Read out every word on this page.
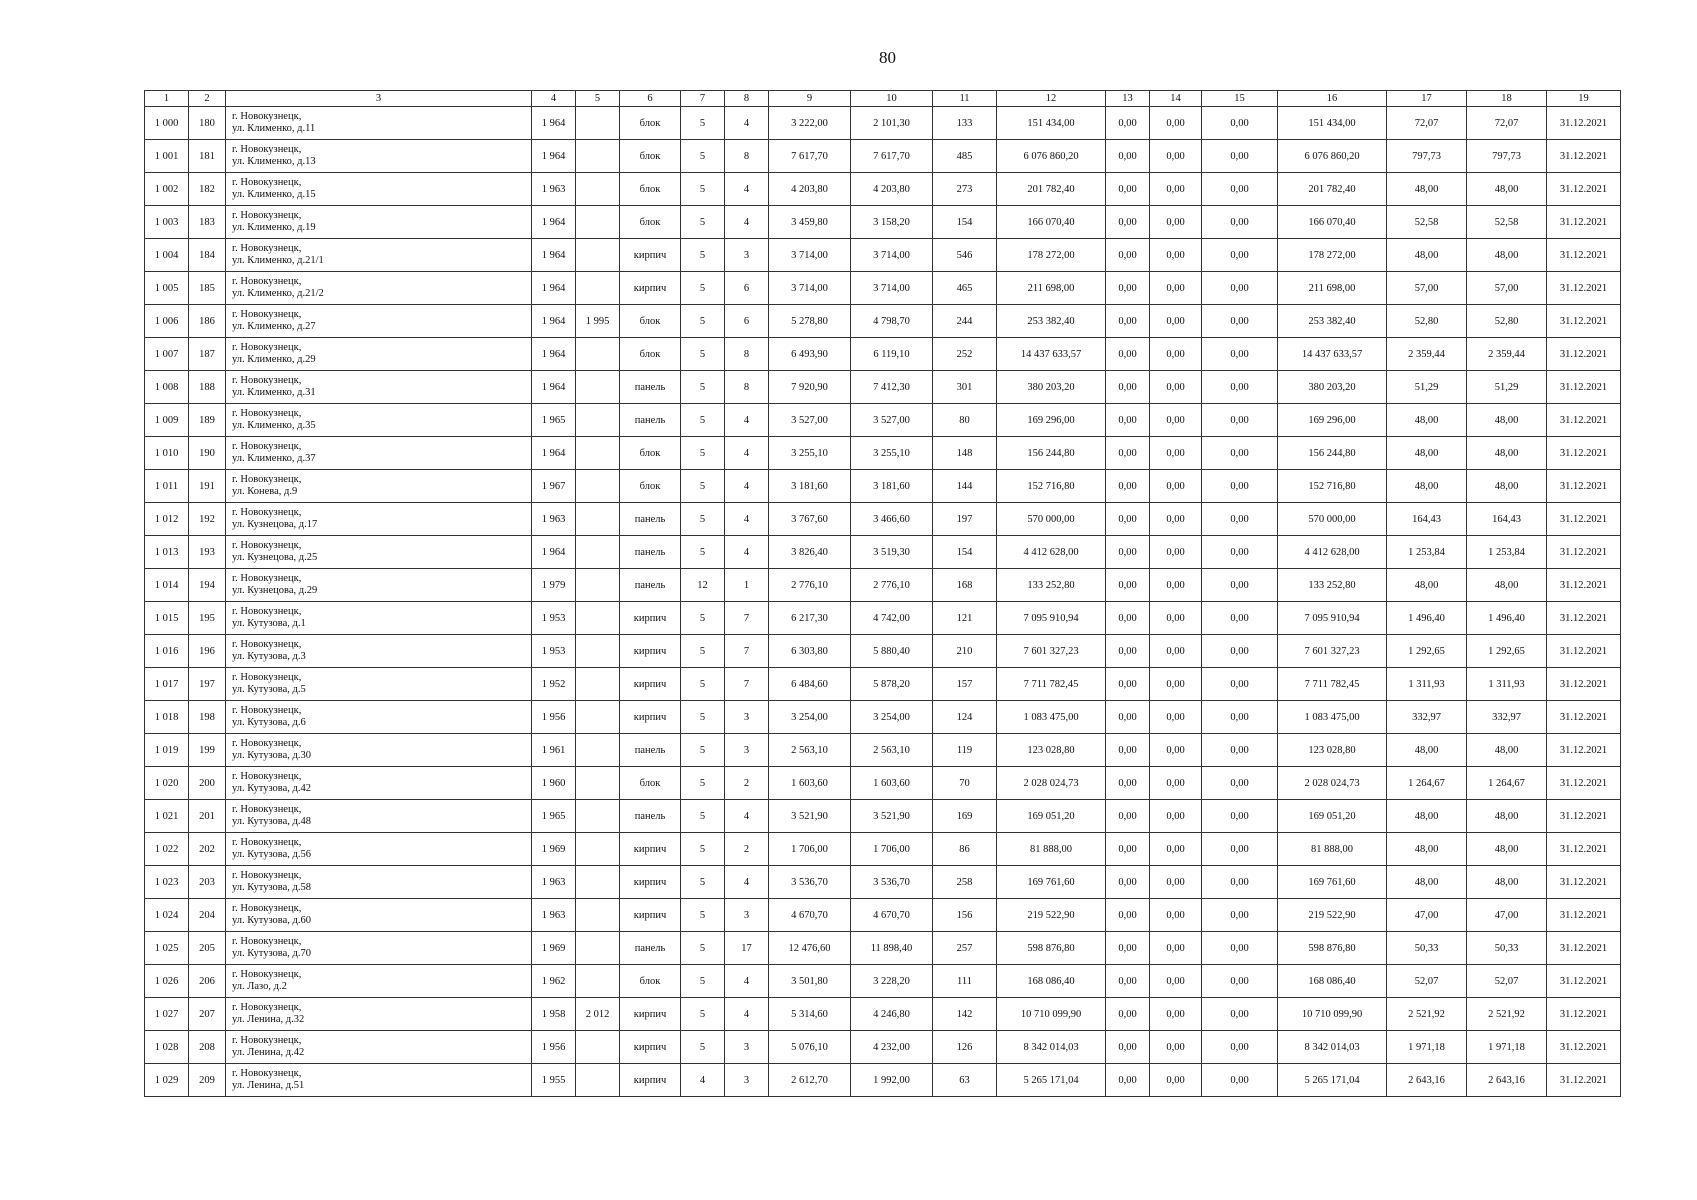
80
1	2	3	4	5	6	7	8	9	10	11	12	13	14	15	16	17	18	19
1 000	180	г. Новокузнецк,
ул. Клименко, д.11	1 964		блок	5	4	3 222,00	2 101,30	133	151 434,00	0,00	0,00	0,00	151 434,00	72,07	72,07	31.12.2021
1 001	181	г. Новокузнецк,
ул. Клименко, д.13	1 964		блок	5	8	7 617,70	7 617,70	485	6 076 860,20	0,00	0,00	0,00	6 076 860,20	797,73	797,73	31.12.2021
1 002	182	г. Новокузнецк,
ул. Клименко, д.15	1 963		блок	5	4	4 203,80	4 203,80	273	201 782,40	0,00	0,00	0,00	201 782,40	48,00	48,00	31.12.2021
1 003	183	г. Новокузнецк,
ул. Клименко, д.19	1 964		блок	5	4	3 459,80	3 158,20	154	166 070,40	0,00	0,00	0,00	166 070,40	52,58	52,58	31.12.2021
1 004	184	г. Новокузнецк,
ул. Клименко, д.21/1	1 964		кирпич	5	3	3 714,00	3 714,00	546	178 272,00	0,00	0,00	0,00	178 272,00	48,00	48,00	31.12.2021
1 005	185	г. Новокузнецк,
ул. Клименко, д.21/2	1 964		кирпич	5	6	3 714,00	3 714,00	465	211 698,00	0,00	0,00	0,00	211 698,00	57,00	57,00	31.12.2021
1 006	186	г. Новокузнецк,
ул. Клименко, д.27	1 964	1 995	блок	5	6	5 278,80	4 798,70	244	253 382,40	0,00	0,00	0,00	253 382,40	52,80	52,80	31.12.2021
1 007	187	г. Новокузнецк,
ул. Клименко, д.29	1 964		блок	5	8	6 493,90	6 119,10	252	14 437 633,57	0,00	0,00	0,00	14 437 633,57	2 359,44	2 359,44	31.12.2021
1 008	188	г. Новокузнецк,
ул. Клименко, д.31	1 964		панель	5	8	7 920,90	7 412,30	301	380 203,20	0,00	0,00	0,00	380 203,20	51,29	51,29	31.12.2021
1 009	189	г. Новокузнецк,
ул. Клименко, д.35	1 965		панель	5	4	3 527,00	3 527,00	80	169 296,00	0,00	0,00	0,00	169 296,00	48,00	48,00	31.12.2021
1 010	190	г. Новокузнецк,
ул. Клименко, д.37	1 964		блок	5	4	3 255,10	3 255,10	148	156 244,80	0,00	0,00	0,00	156 244,80	48,00	48,00	31.12.2021
1 011	191	г. Новокузнецк,
ул. Конева, д.9	1 967		блок	5	4	3 181,60	3 181,60	144	152 716,80	0,00	0,00	0,00	152 716,80	48,00	48,00	31.12.2021
1 012	192	г. Новокузнецк,
ул. Кузнецова, д.17	1 963		панель	5	4	3 767,60	3 466,60	197	570 000,00	0,00	0,00	0,00	570 000,00	164,43	164,43	31.12.2021
1 013	193	г. Новокузнецк,
ул. Кузнецова, д.25	1 964		панель	5	4	3 826,40	3 519,30	154	4 412 628,00	0,00	0,00	0,00	4 412 628,00	1 253,84	1 253,84	31.12.2021
1 014	194	г. Новокузнецк,
ул. Кузнецова, д.29	1 979		панель	12	1	2 776,10	2 776,10	168	133 252,80	0,00	0,00	0,00	133 252,80	48,00	48,00	31.12.2021
1 015	195	г. Новокузнецк,
ул. Кутузова, д.1	1 953		кирпич	5	7	6 217,30	4 742,00	121	7 095 910,94	0,00	0,00	0,00	7 095 910,94	1 496,40	1 496,40	31.12.2021
1 016	196	г. Новокузнецк,
ул. Кутузова, д.3	1 953		кирпич	5	7	6 303,80	5 880,40	210	7 601 327,23	0,00	0,00	0,00	7 601 327,23	1 292,65	1 292,65	31.12.2021
1 017	197	г. Новокузнецк,
ул. Кутузова, д.5	1 952		кирпич	5	7	6 484,60	5 878,20	157	7 711 782,45	0,00	0,00	0,00	7 711 782,45	1 311,93	1 311,93	31.12.2021
1 018	198	г. Новокузнецк,
ул. Кутузова, д.6	1 956		кирпич	5	3	3 254,00	3 254,00	124	1 083 475,00	0,00	0,00	0,00	1 083 475,00	332,97	332,97	31.12.2021
1 019	199	г. Новокузнецк,
ул. Кутузова, д.30	1 961		панель	5	3	2 563,10	2 563,10	119	123 028,80	0,00	0,00	0,00	123 028,80	48,00	48,00	31.12.2021
1 020	200	г. Новокузнецк,
ул. Кутузова, д.42	1 960		блок	5	2	1 603,60	1 603,60	70	2 028 024,73	0,00	0,00	0,00	2 028 024,73	1 264,67	1 264,67	31.12.2021
1 021	201	г. Новокузнецк,
ул. Кутузова, д.48	1 965		панель	5	4	3 521,90	3 521,90	169	169 051,20	0,00	0,00	0,00	169 051,20	48,00	48,00	31.12.2021
1 022	202	г. Новокузнецк,
ул. Кутузова, д.56	1 969		кирпич	5	2	1 706,00	1 706,00	86	81 888,00	0,00	0,00	0,00	81 888,00	48,00	48,00	31.12.2021
1 023	203	г. Новокузнецк,
ул. Кутузова, д.58	1 963		кирпич	5	4	3 536,70	3 536,70	258	169 761,60	0,00	0,00	0,00	169 761,60	48,00	48,00	31.12.2021
1 024	204	г. Новокузнецк,
ул. Кутузова, д.60	1 963		кирпич	5	3	4 670,70	4 670,70	156	219 522,90	0,00	0,00	0,00	219 522,90	47,00	47,00	31.12.2021
1 025	205	г. Новокузнецк,
ул. Кутузова, д.70	1 969		панель	5	17	12 476,60	11 898,40	257	598 876,80	0,00	0,00	0,00	598 876,80	50,33	50,33	31.12.2021
1 026	206	г. Новокузнецк,
ул. Лазо, д.2	1 962		блок	5	4	3 501,80	3 228,20	111	168 086,40	0,00	0,00	0,00	168 086,40	52,07	52,07	31.12.2021
1 027	207	г. Новокузнецк,
ул. Ленина, д.32	1 958	2 012	кирпич	5	4	5 314,60	4 246,80	142	10 710 099,90	0,00	0,00	0,00	10 710 099,90	2 521,92	2 521,92	31.12.2021
1 028	208	г. Новокузнецк,
ул. Ленина, д.42	1 956		кирпич	5	3	5 076,10	4 232,00	126	8 342 014,03	0,00	0,00	0,00	8 342 014,03	1 971,18	1 971,18	31.12.2021
1 029	209	г. Новокузнецк,
ул. Ленина, д.51	1 955		кирпич	4	3	2 612,70	1 992,00	63	5 265 171,04	0,00	0,00	0,00	5 265 171,04	2 643,16	2 643,16	31.12.2021
